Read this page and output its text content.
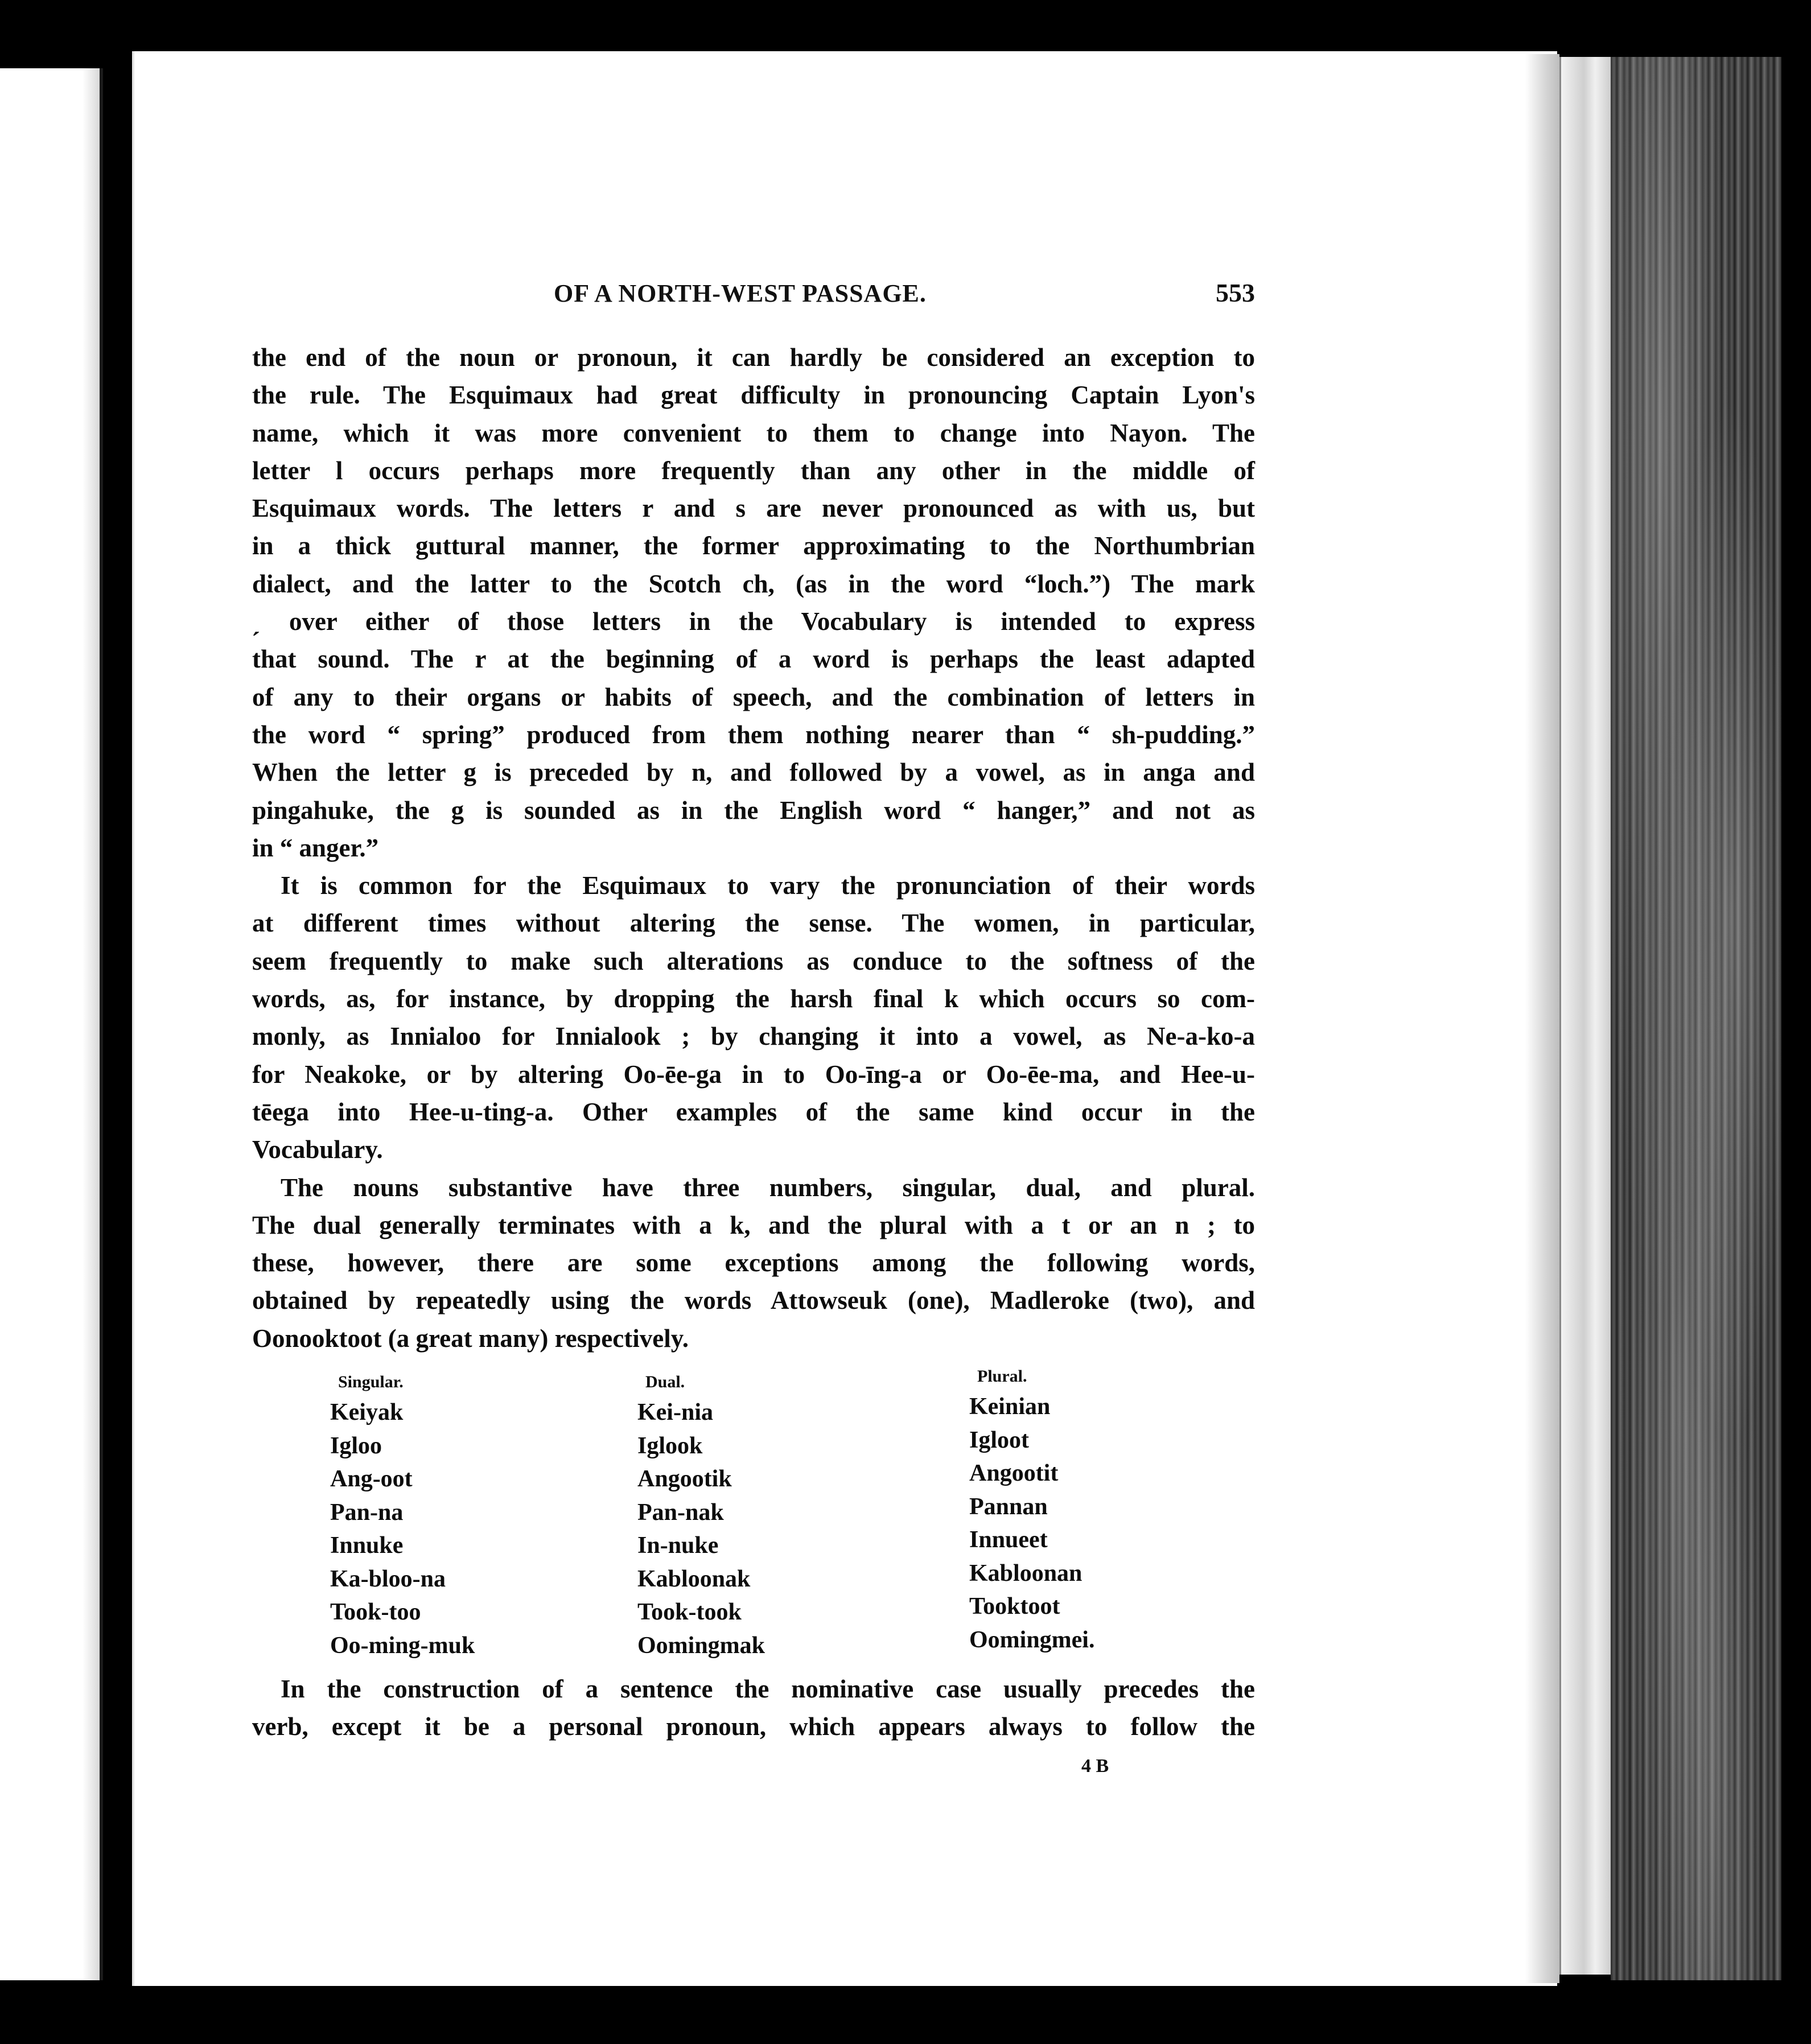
OF A NORTH-WEST PASSAGE.	553
the end of the noun or pronoun, it can hardly be considered an exception to
the rule. The Esquimaux had great difficulty in pronouncing Captain Lyon's
name, which it was more convenient to them to change into Nayon. The
letter l occurs perhaps more frequently than any other in the middle of
Esquimaux words. The letters r and s are never pronounced as with us, but
in a thick guttural manner, the former approximating to the Northumbrian
dialect, and the latter to the Scotch ch, (as in the word “loch.”) The mark
ˏ over either of those letters in the Vocabulary is intended to express
that sound. The r at the beginning of a word is perhaps the least adapted
of any to their organs or habits of speech, and the combination of letters in
the word “ spring” produced from them nothing nearer than “ sh-pudding.”
When the letter g is preceded by n, and followed by a vowel, as in anga and
pingahuke, the g is sounded as in the English word “ hanger,” and not as
in “ anger.”
It is common for the Esquimaux to vary the pronunciation of their words
at different times without altering the sense. The women, in particular,
seem frequently to make such alterations as conduce to the softness of the
words, as, for instance, by dropping the harsh final k which occurs so com-
monly, as Innialoo for Innialook ; by changing it into a vowel, as Ne-a-ko-a
for Neakoke, or by altering Oo-ēe-ga in to Oo-īng-a or Oo-ēe-ma, and Hee-u-
tēega into Hee-u-ting-a. Other examples of the same kind occur in the
Vocabulary.
The nouns substantive have three numbers, singular, dual, and plural.
The dual generally terminates with a k, and the plural with a t or an n ; to
these, however, there are some exceptions among the following words,
obtained by repeatedly using the words Attowseuk (one), Madleroke (two), and
Oonooktoot (a great many) respectively.
Singular.
Keiyak
Igloo
Ang-oot
Pan-na
Innuke
Ka-bloo-na
Took-too
Oo-ming-muk
Dual.
Kei-nia
Iglook
Angootik
Pan-nak
In-nuke
Kabloonak
Took-took
Oomingmak
Plural.
Keinian
Igloot
Angootit
Pannan
Innueet
Kabloonan
Tooktoot
Oomingmei.
In the construction of a sentence the nominative case usually precedes the
verb, except it be a personal pronoun, which appears always to follow the
4 B
